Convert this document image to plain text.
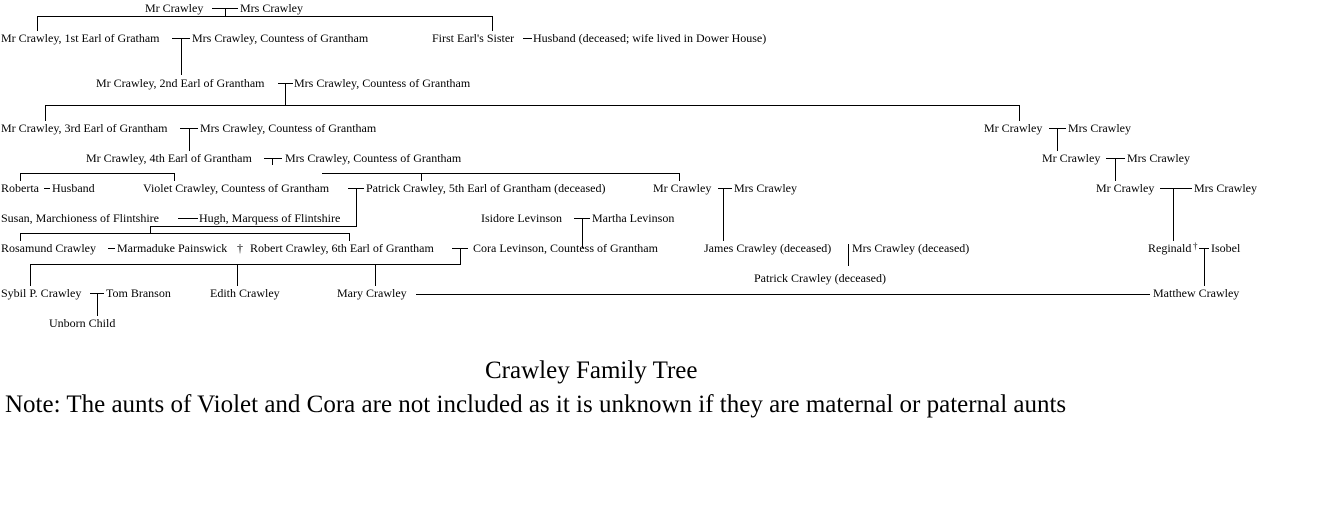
Mr Crawley	Mrs Crawley
Mr Crawley, 1st Earl of Gratham	Mrs Crawley, Countess of Grantham	First Earl's Sister Husband (deceased; wife lived in Dower House)
Mr Crawley, 2nd Earl of Grantham Mrs Crawley, Countess of Grantham
Mr Crawley, 3rd Earl of Grantham	Mrs Crawley, Countess of Grantham	Mr Crawley Mrs Crawley
Mr Crawley, 4th Earl of Grantham	Mrs Crawley, Countess of Grantham	Mr Crawley Mrs Crawley
Roberta Husband	Violet Crawley, Countess of Grantham	Patrick Crawley, 5th Earl of Grantham (deceased)	Mr Crawley Mrs Crawley	Mr Crawley	Mrs Crawley
Susan, Marchioness of Flintshire	Hugh, Marquess of Flintshire	Isidore Levinson	Martha Levinson
Rosamund Crawley Marmaduke Painswick † Robert Crawley, 6th Earl of Grantham	Cora Levinson, Countess of Grantham	James Crawley (deceased) Mrs Crawley (deceased)	Reginald † Isobel
Patrick Crawley (deceased)
Sybil P. Crawley Tom Branson	Edith Crawley	Mary Crawley	Matthew Crawley
Unborn Child
Crawley Family Tree
Note: The aunts of Violet and Cora are not included as it is unknown if they are maternal or paternal aunts
